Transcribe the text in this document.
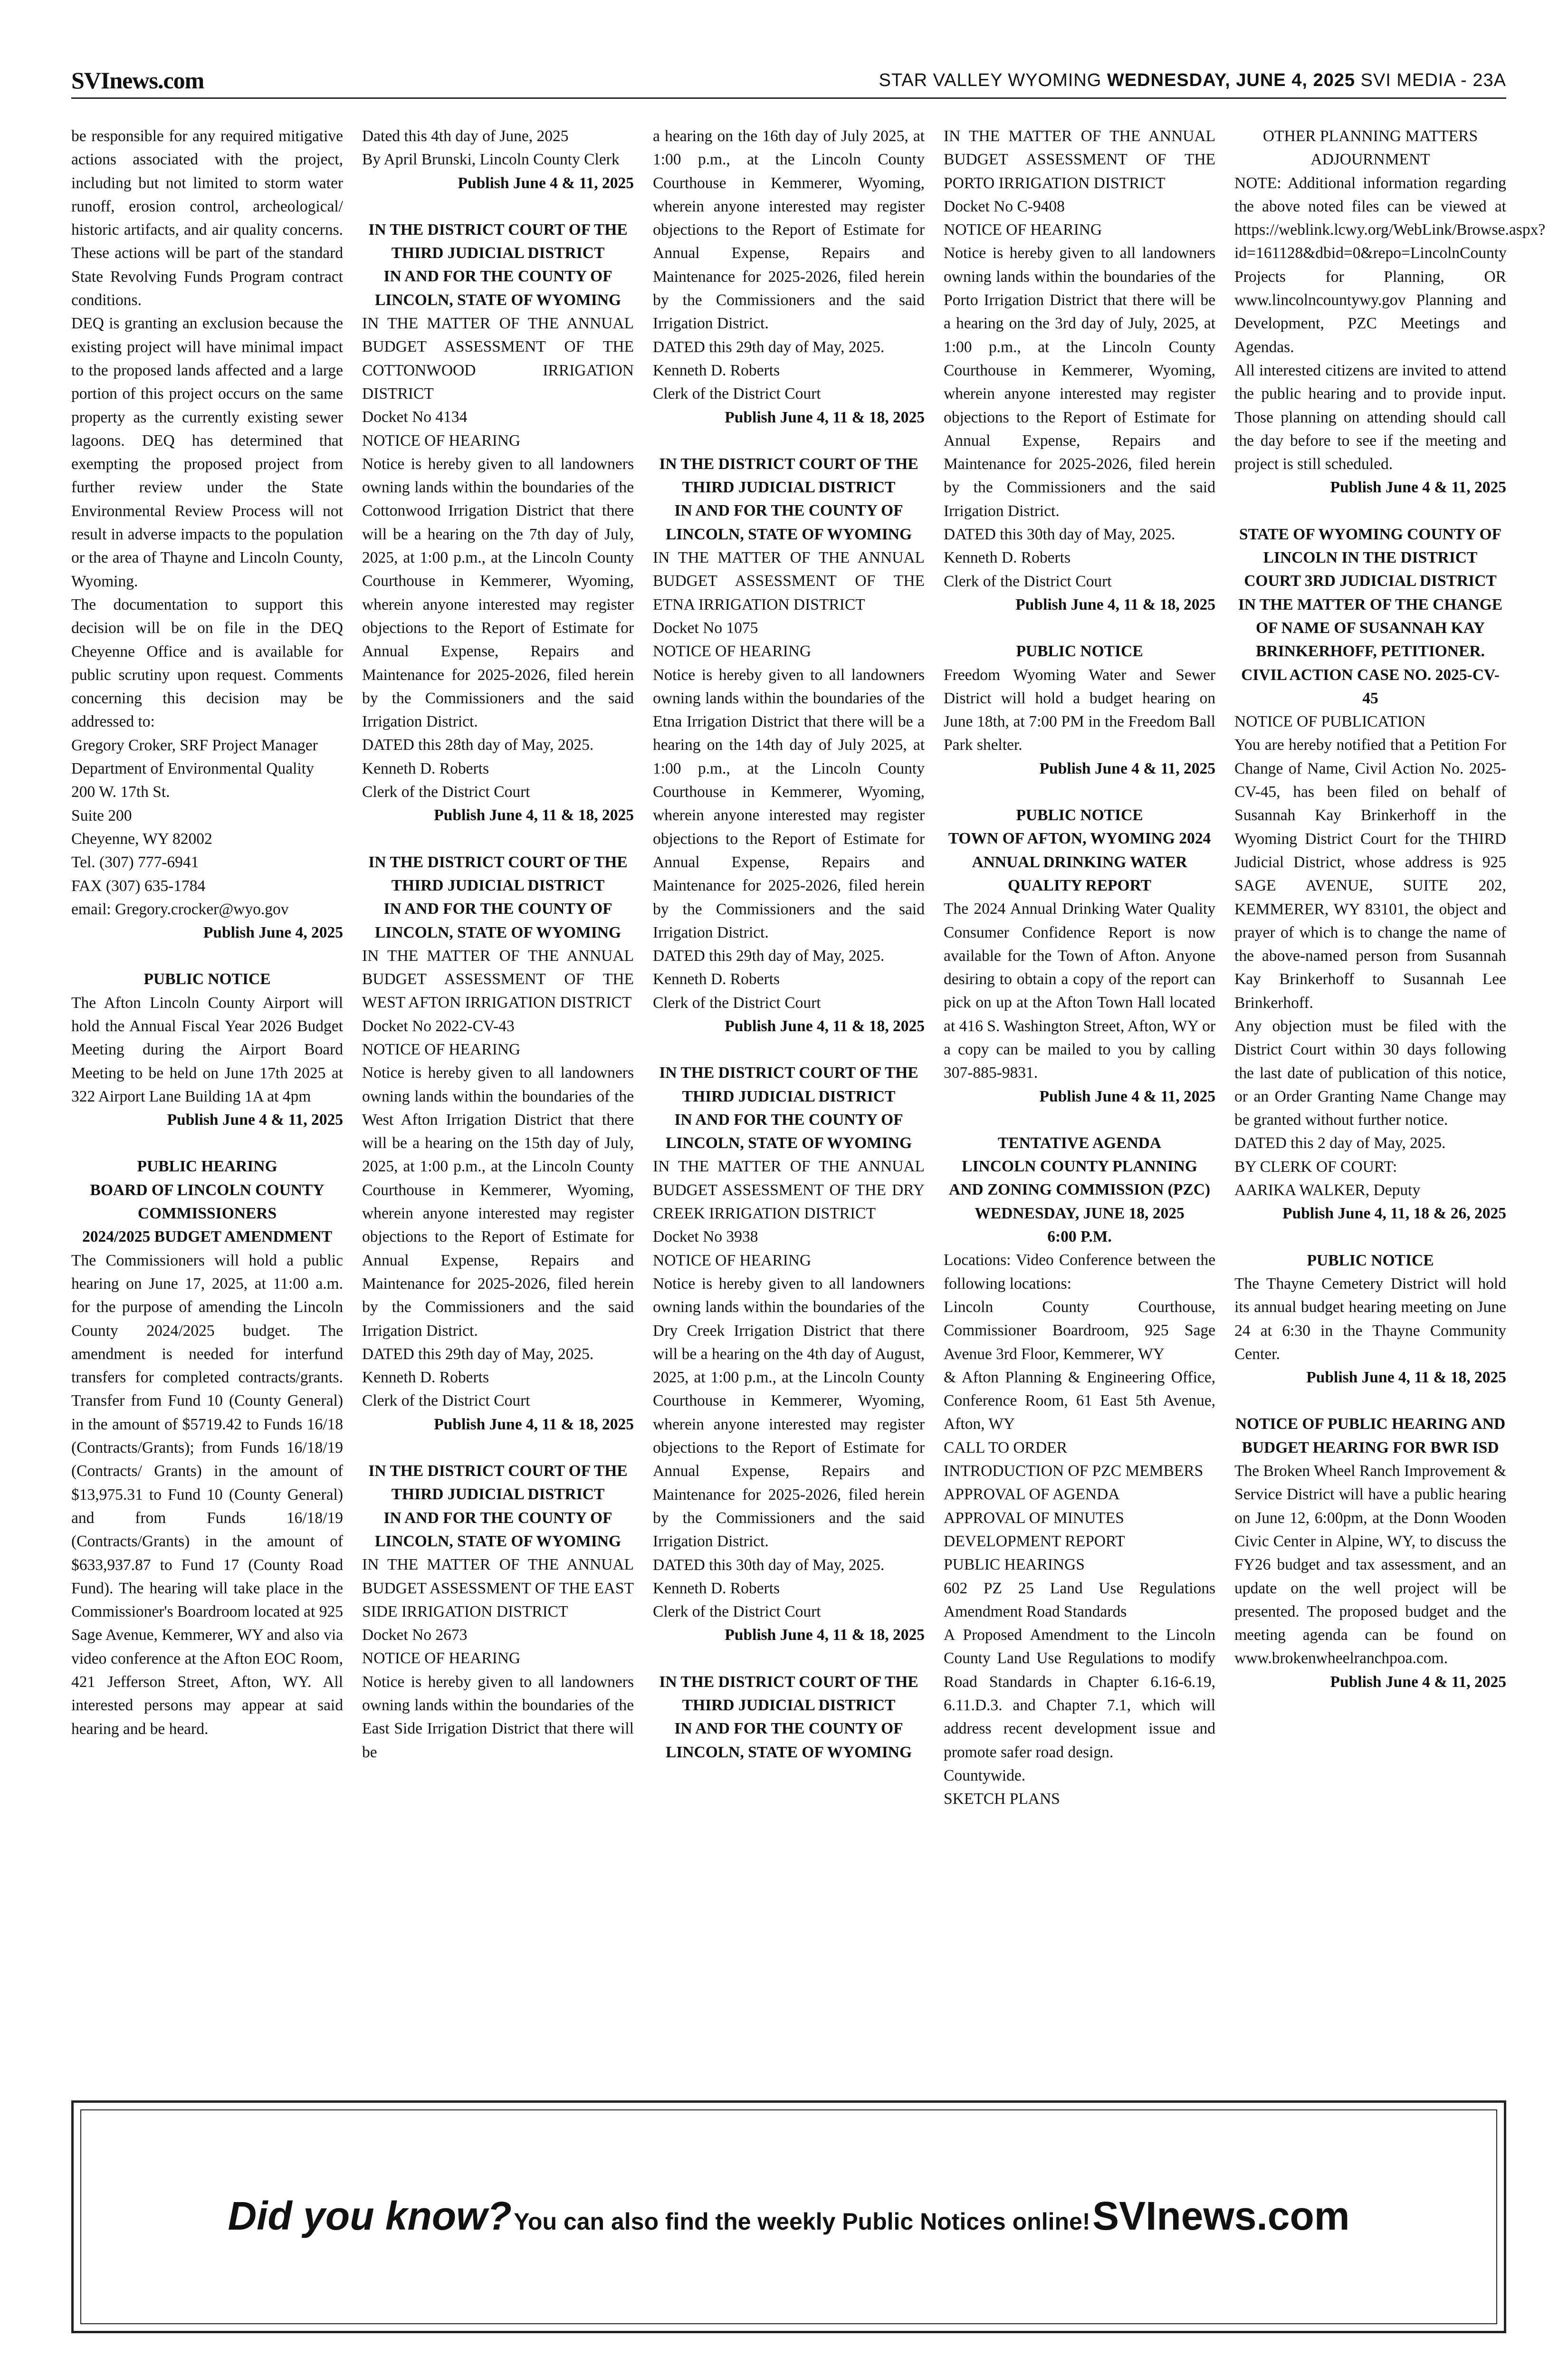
SVInews.com	STAR VALLEY WYOMING WEDNESDAY, JUNE 4, 2025 SVI MEDIA - 23A

be responsible for any required mitigative actions associated with the project, including but not limited to storm water runoff, erosion control, archeological/ historic artifacts, and air quality concerns. These actions will be part of the standard State Revolving Funds Program contract conditions.

DEQ is granting an exclusion because the existing project will have minimal impact to the proposed lands affected and a large portion of this project occurs on the same property as the currently existing sewer lagoons. DEQ has determined that exempting the proposed project from further review under the State Environmental Review Process will not result in adverse impacts to the population or the area of Thayne and Lincoln County, Wyoming.

The documentation to support this decision will be on file in the DEQ Cheyenne Office and is available for public scrutiny upon request. Comments concerning this decision may be addressed to:

Gregory Croker, SRF Project Manager

Department of Environmental Quality

200 W. 17th St.

Suite 200

Cheyenne, WY 82002

Tel. (307) 777-6941

FAX (307) 635-1784

email: Gregory.crocker@wyo.gov

Publish June 4, 2025

PUBLIC NOTICE

The Afton Lincoln County Airport will hold the Annual Fiscal Year 2026 Budget Meeting during the Airport Board Meeting to be held on June 17th 2025 at 322 Airport Lane Building 1A at 4pm

Publish June 4 & 11, 2025

PUBLIC HEARING

BOARD OF LINCOLN COUNTY COMMISSIONERS

2024/2025 BUDGET AMENDMENT

The Commissioners will hold a public hearing on June 17, 2025, at 11:00 a.m. for the purpose of amending the Lincoln County 2024/2025 budget. The amendment is needed for interfund transfers for completed contracts/grants. Transfer from Fund 10 (County General) in the amount of $5719.42 to Funds 16/18 (Contracts/Grants); from Funds 16/18/19 (Contracts/ Grants) in the amount of $13,975.31 to Fund 10 (County General) and from Funds 16/18/19 (Contracts/Grants) in the amount of $633,937.87 to Fund 17 (County Road Fund). The hearing will take place in the Commissioner's Boardroom located at 925 Sage Avenue, Kemmerer, WY and also via video conference at the Afton EOC Room, 421 Jefferson Street, Afton, WY. All interested persons may appear at said hearing and be heard.

Dated this 4th day of June, 2025

By April Brunski, Lincoln County Clerk

Publish June 4 & 11, 2025

IN THE DISTRICT COURT OF THE THIRD JUDICIAL DISTRICT

IN AND FOR THE COUNTY OF LINCOLN, STATE OF WYOMING

IN THE MATTER OF THE ANNUAL BUDGET ASSESSMENT OF THE COTTONWOOD IRRIGATION DISTRICT

Docket No 4134

NOTICE OF HEARING

Notice is hereby given to all landowners owning lands within the boundaries of the Cottonwood Irrigation District that there will be a hearing on the 7th day of July, 2025, at 1:00 p.m., at the Lincoln County Courthouse in Kemmerer, Wyoming, wherein anyone interested may register objections to the Report of Estimate for Annual Expense, Repairs and Maintenance for 2025-2026, filed herein by the Commissioners and the said Irrigation District.

DATED this 28th day of May, 2025.

Kenneth D. Roberts

Clerk of the District Court

Publish June 4, 11 & 18, 2025

IN THE DISTRICT COURT OF THE THIRD JUDICIAL DISTRICT

IN AND FOR THE COUNTY OF LINCOLN, STATE OF WYOMING

IN THE MATTER OF THE ANNUAL BUDGET ASSESSMENT OF THE WEST AFTON IRRIGATION DISTRICT

Docket No 2022-CV-43

NOTICE OF HEARING

Notice is hereby given to all landowners owning lands within the boundaries of the West Afton Irrigation District that there will be a hearing on the 15th day of July, 2025, at 1:00 p.m., at the Lincoln County Courthouse in Kemmerer, Wyoming, wherein anyone interested may register objections to the Report of Estimate for Annual Expense, Repairs and Maintenance for 2025-2026, filed herein by the Commissioners and the said Irrigation District.

DATED this 29th day of May, 2025.

Kenneth D. Roberts

Clerk of the District Court

Publish June 4, 11 & 18, 2025

IN THE DISTRICT COURT OF THE THIRD JUDICIAL DISTRICT

IN AND FOR THE COUNTY OF LINCOLN, STATE OF WYOMING

IN THE MATTER OF THE ANNUAL BUDGET ASSESSMENT OF THE EAST SIDE IRRIGATION DISTRICT

Docket No 2673

NOTICE OF HEARING

Notice is hereby given to all landowners owning lands within the boundaries of the East Side Irrigation District that there will be

a hearing on the 16th day of July 2025, at 1:00 p.m., at the Lincoln County Courthouse in Kemmerer, Wyoming, wherein anyone interested may register objections to the Report of Estimate for Annual Expense, Repairs and Maintenance for 2025-2026, filed herein by the Commissioners and the said Irrigation District.

DATED this 29th day of May, 2025.

Kenneth D. Roberts

Clerk of the District Court

Publish June 4, 11 & 18, 2025

IN THE DISTRICT COURT OF THE THIRD JUDICIAL DISTRICT

IN AND FOR THE COUNTY OF LINCOLN, STATE OF WYOMING

IN THE MATTER OF THE ANNUAL BUDGET ASSESSMENT OF THE ETNA IRRIGATION DISTRICT

Docket No 1075

NOTICE OF HEARING

Notice is hereby given to all landowners owning lands within the boundaries of the Etna Irrigation District that there will be a hearing on the 14th day of July 2025, at 1:00 p.m., at the Lincoln County Courthouse in Kemmerer, Wyoming, wherein anyone interested may register objections to the Report of Estimate for Annual Expense, Repairs and Maintenance for 2025-2026, filed herein by the Commissioners and the said Irrigation District.

DATED this 29th day of May, 2025.

Kenneth D. Roberts

Clerk of the District Court

Publish June 4, 11 & 18, 2025

IN THE DISTRICT COURT OF THE THIRD JUDICIAL DISTRICT

IN AND FOR THE COUNTY OF LINCOLN, STATE OF WYOMING

IN THE MATTER OF THE ANNUAL BUDGET ASSESSMENT OF THE DRY CREEK IRRIGATION DISTRICT

Docket No 3938

NOTICE OF HEARING

Notice is hereby given to all landowners owning lands within the boundaries of the Dry Creek Irrigation District that there will be a hearing on the 4th day of August, 2025, at 1:00 p.m., at the Lincoln County Courthouse in Kemmerer, Wyoming, wherein anyone interested may register objections to the Report of Estimate for Annual Expense, Repairs and Maintenance for 2025-2026, filed herein by the Commissioners and the said Irrigation District.

DATED this 30th day of May, 2025.

Kenneth D. Roberts

Clerk of the District Court

Publish June 4, 11 & 18, 2025

IN THE DISTRICT COURT OF THE THIRD JUDICIAL DISTRICT

IN AND FOR THE COUNTY OF LINCOLN, STATE OF WYOMING

IN THE MATTER OF THE ANNUAL BUDGET ASSESSMENT OF THE PORTO IRRIGATION DISTRICT

Docket No C-9408

NOTICE OF HEARING

Notice is hereby given to all landowners owning lands within the boundaries of the Porto Irrigation District that there will be a hearing on the 3rd day of July, 2025, at 1:00 p.m., at the Lincoln County Courthouse in Kemmerer, Wyoming, wherein anyone interested may register objections to the Report of Estimate for Annual Expense, Repairs and Maintenance for 2025-2026, filed herein by the Commissioners and the said Irrigation District.

DATED this 30th day of May, 2025.

Kenneth D. Roberts

Clerk of the District Court

Publish June 4, 11 & 18, 2025

PUBLIC NOTICE

Freedom Wyoming Water and Sewer District will hold a budget hearing on June 18th, at 7:00 PM in the Freedom Ball Park shelter.

Publish June 4 & 11, 2025

PUBLIC NOTICE

TOWN OF AFTON, WYOMING 2024 ANNUAL DRINKING WATER QUALITY REPORT

The 2024 Annual Drinking Water Quality Consumer Confidence Report is now available for the Town of Afton. Anyone desiring to obtain a copy of the report can pick on up at the Afton Town Hall located at 416 S. Washington Street, Afton, WY or a copy can be mailed to you by calling 307-885-9831.

Publish June 4 & 11, 2025

TENTATIVE AGENDA

LINCOLN COUNTY PLANNING AND ZONING COMMISSION (PZC)

WEDNESDAY, JUNE 18, 2025

6:00 P.M.

Locations: Video Conference between the following locations:

Lincoln County Courthouse, Commissioner Boardroom, 925 Sage Avenue 3rd Floor, Kemmerer, WY

& Afton Planning & Engineering Office, Conference Room, 61 East 5th Avenue, Afton, WY

CALL TO ORDER

INTRODUCTION OF PZC MEMBERS

APPROVAL OF AGENDA

APPROVAL OF MINUTES

DEVELOPMENT REPORT

PUBLIC HEARINGS

602 PZ 25 Land Use Regulations Amendment Road Standards

A Proposed Amendment to the Lincoln County Land Use Regulations to modify Road Standards in Chapter 6.16-6.19, 6.11.D.3. and Chapter 7.1, which will address recent development issue and promote safer road design.

Countywide.

SKETCH PLANS

OTHER PLANNING MATTERS

ADJOURNMENT

NOTE: Additional information regarding the above noted files can be viewed at https://weblink.lcwy.org/WebLink/Browse.aspx?id=161128&dbid=0&repo=LincolnCounty

Projects for Planning, OR www.lincolncountywy.gov Planning and Development, PZC Meetings and Agendas.

All interested citizens are invited to attend the public hearing and to provide input. Those planning on attending should call the day before to see if the meeting and project is still scheduled.

Publish June 4 & 11, 2025

STATE OF WYOMING COUNTY OF LINCOLN IN THE DISTRICT COURT 3RD JUDICIAL DISTRICT IN THE MATTER OF THE CHANGE OF NAME OF SUSANNAH KAY BRINKERHOFF, PETITIONER. CIVIL ACTION CASE NO. 2025-CV-45

NOTICE OF PUBLICATION

You are hereby notified that a Petition For Change of Name, Civil Action No. 2025-CV-45, has been filed on behalf of Susannah Kay Brinkerhoff in the Wyoming District Court for the THIRD Judicial District, whose address is 925 SAGE AVENUE, SUITE 202, KEMMERER, WY 83101, the object and prayer of which is to change the name of the above-named person from Susannah Kay Brinkerhoff to Susannah Lee Brinkerhoff.

Any objection must be filed with the District Court within 30 days following the last date of publication of this notice, or an Order Granting Name Change may be granted without further notice.

DATED this 2 day of May, 2025.

BY CLERK OF COURT:

AARIKA WALKER, Deputy

Publish June 4, 11, 18 & 26, 2025

PUBLIC NOTICE

The Thayne Cemetery District will hold its annual budget hearing meeting on June 24 at 6:30 in the Thayne Community Center.

Publish June 4, 11 & 18, 2025

NOTICE OF PUBLIC HEARING AND BUDGET HEARING FOR BWR ISD

The Broken Wheel Ranch Improvement & Service District will have a public hearing on June 12, 6:00pm, at the Donn Wooden Civic Center in Alpine, WY, to discuss the FY26 budget and tax assessment, and an update on the well project will be presented. The proposed budget and the meeting agenda can be found on www.brokenwheelranchpoa.com.

Publish June 4 & 11, 2025

Did you know? You can also find the weekly Public Notices online! SVInews.com
